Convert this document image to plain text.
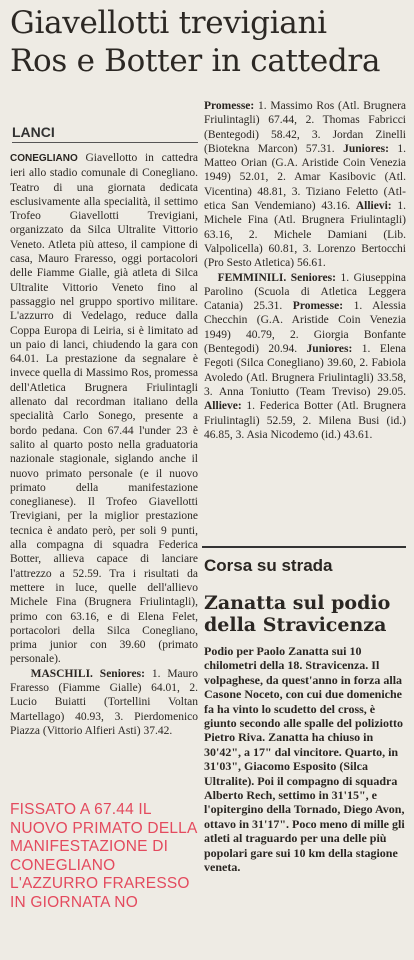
Giavellotti trevigiani
Ros e Botter in cattedra
LANCI

CONEGLIANO Giavellotto in cattedra ieri allo stadio comunale di Conegliano. Teatro di una giornata dedicata esclusivamente alla specialità, il settimo Trofeo Giavellotti Trevigiani, organizzato da Silca Ultralite Vittorio Veneto. Atleta più atteso, il campione di casa, Mauro Fraresso, oggi portacolori delle Fiamme Gialle, già atleta di Silca Ultralite Vittorio Veneto fino al passaggio nel gruppo sportivo militare. L'azzurro di Vedelago, reduce dalla Coppa Europa di Leiria, si è limitato ad un paio di lanci, chiudendo la gara con 64.01. La prestazione da segnalare è invece quella di Massimo Ros, promessa dell'Atletica Brugnera Friulintagli allenato dal recordman italiano della specialità Carlo Sonego, presente a bordo pedana. Con 67.44 l'under 23 è salito al quarto posto nella graduatoria nazionale stagionale, siglando anche il nuovo primato personale (e il nuovo primato della manifestazione coneglianese). Il Trofeo Giavellotti Trevigiani, per la miglior prestazione tecnica è andato però, per soli 9 punti, alla compagna di squadra Federica Botter, allieva capace di lanciare l'attrezzo a 52.59. Tra i risultati da mettere in luce, quelle dell'allievo Michele Fina (Brugnera Friulintagli), primo con 63.16, e di Elena Felet, portacolori della Silca Conegliano, prima junior con 39.60 (primato personale).

MASCHILI. Seniores: 1. Mauro Fraresso (Fiamme Gialle) 64.01, 2. Lucio Buiatti (Tortellini Voltan Martellago) 40.93, 3. Pierdomenico Piazza (Vittorio Alfieri Asti) 37.42.

FISSATO A 67.44 IL NUOVO PRIMATO DELLA MANIFESTAZIONE DI CONEGLIANO L'AZZURRO FRARESSO IN GIORNATA NO

Promesse: 1. Massimo Ros (Atl. Brugnera Friulintagli) 67.44, 2. Thomas Fabricci (Bentegodi) 58.42, 3. Jordan Zinelli (Biotekna Marcon) 57.31. Juniores: 1. Matteo Orian (G.A. Aristide Coin Venezia 1949) 52.01, 2. Amar Kasibovic (Atl. Vicentina) 48.81, 3. Tiziano Feletto (Atl-etica San Vendemiano) 43.16. Allievi: 1. Michele Fina (Atl. Brugnera Friulintagli) 63.16, 2. Michele Damiani (Lib. Valpolicella) 60.81, 3. Lorenzo Bertocchi (Pro Sesto Atletica) 56.61.

FEMMINILI. Seniores: 1. Giuseppina Parolino (Scuola di Atletica Leggera Catania) 25.31. Promesse: 1. Alessia Checchin (G.A. Aristide Coin Venezia 1949) 40.79, 2. Giorgia Bonfante (Bentegodi) 20.94. Juniores: 1. Elena Fegoti (Silca Conegliano) 39.60, 2. Fabiola Avoledo (Atl. Brugnera Friulintagli) 33.58, 3. Anna Toniutto (Team Treviso) 29.05. Allieve: 1. Federica Botter (Atl. Brugnera Friulintagli) 52.59, 2. Milena Busi (id.) 46.85, 3. Asia Nicodemo (id.) 43.61.

Corsa su strada
Zanatta sul podio della Stravicenza

Podio per Paolo Zanatta sui 10 chilometri della 18. Stravicenza. Il volpaghese, da quest'anno in forza alla Casone Noceto, con cui due domeniche fa ha vinto lo scudetto del cross, è giunto secondo alle spalle del poliziotto Pietro Riva. Zanatta ha chiuso in 30'42", a 17" dal vincitore. Quarto, in 31'03", Giacomo Esposito (Silca Ultralite). Poi il compagno di squadra Alberto Rech, settimo in 31'15", e l'opitergino della Tornado, Diego Avon, ottavo in 31'17". Poco meno di mille gli atleti al traguardo per una delle più popolari gare sui 10 km della stagione veneta.
